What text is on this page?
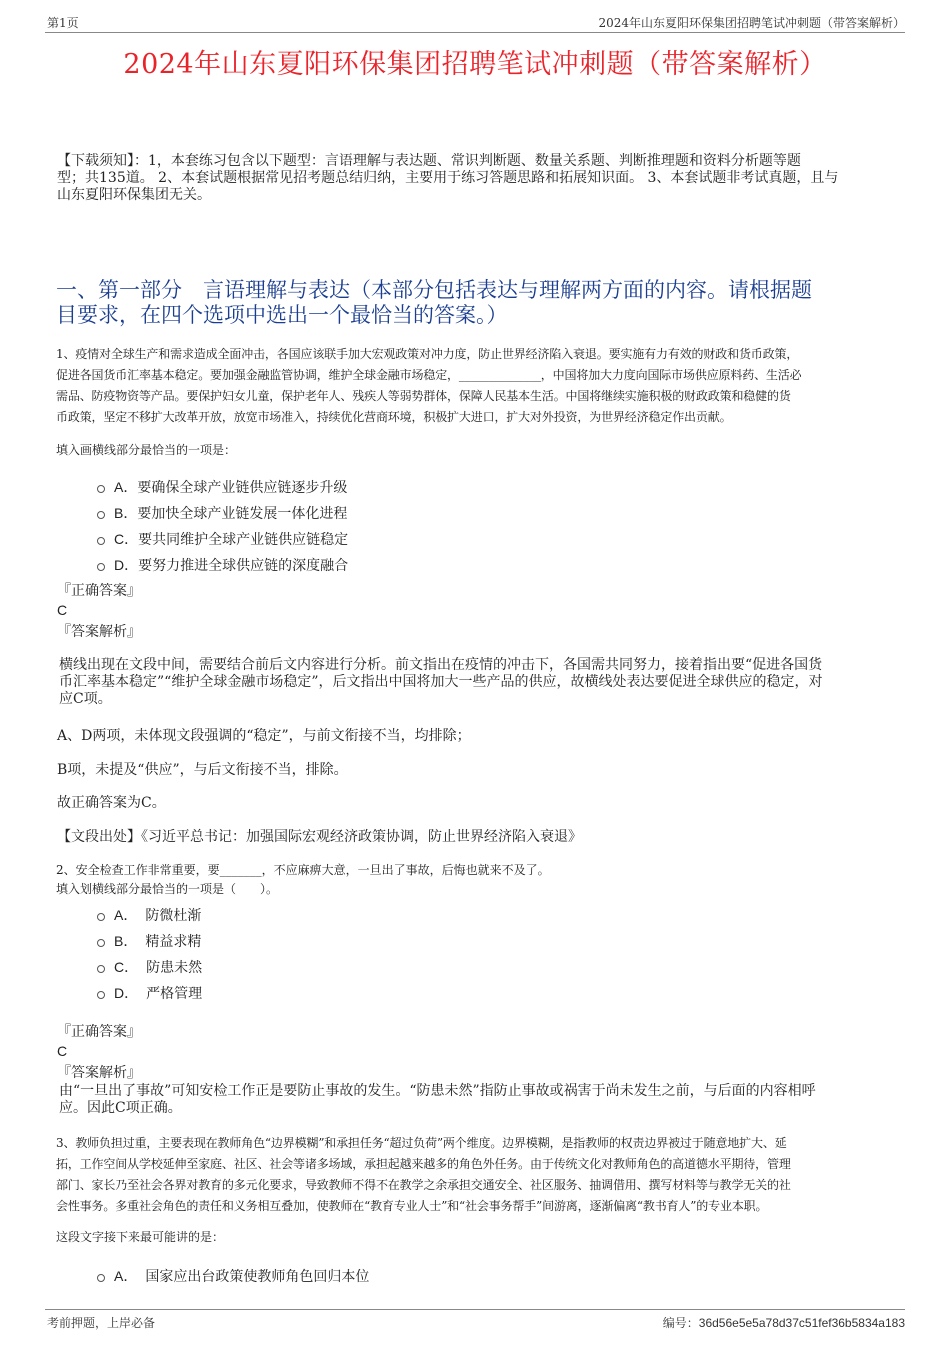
第1页	2024年山东夏阳环保集团招聘笔试冲刺题（带答案解析）
2024年山东夏阳环保集团招聘笔试冲刺题（带答案解析）
【下载须知】：1，本套练习包含以下题型：言语理解与表达题、常识判断题、数量关系题、判断推理题和资料分析题等题
型；共135道。 2、本套试题根据常见招考题总结归纳，主要用于练习答题思路和拓展知识面。 3、本套试题非考试真题，且与
山东夏阳环保集团无关。
一、第一部分　言语理解与表达（本部分包括表达与理解两方面的内容。请根据题
目要求，在四个选项中选出一个最恰当的答案。）
1、疫情对全球生产和需求造成全面冲击，各国应该联手加大宏观政策对冲力度，防止世界经济陷入衰退。要实施有力有效的财政和货币政策，
促进各国货币汇率基本稳定。要加强金融监管协调，维护全球金融市场稳定，______________，中国将加大力度向国际市场供应原料药、生活必
需品、防疫物资等产品。要保护妇女儿童，保护老年人、残疾人等弱势群体，保障人民基本生活。中国将继续实施积极的财政政策和稳健的货
币政策，坚定不移扩大改革开放，放宽市场准入，持续优化营商环境，积极扩大进口，扩大对外投资，为世界经济稳定作出贡献。
填入画横线部分最恰当的一项是：
A． 要确保全球产业链供应链逐步升级
B． 要加快全球产业链发展一体化进程
C． 要共同维护全球产业链供应链稳定
D． 要努力推进全球供应链的深度融合
『正确答案』
C
『答案解析』
横线出现在文段中间，需要结合前后文内容进行分析。前文指出在疫情的冲击下，各国需共同努力，接着指出要“促进各国货
币汇率基本稳定”“维护全球金融市场稳定”，后文指出中国将加大一些产品的供应，故横线处表达要促进全球供应的稳定，对
应C项。
A、D两项，未体现文段强调的“稳定”，与前文衔接不当，均排除；
B项，未提及“供应”，与后文衔接不当，排除。
故正确答案为C。
【文段出处】《习近平总书记：加强国际宏观经济政策协调，防止世界经济陷入衰退》
2、安全检查工作非常重要，要_______，不应麻痹大意，一旦出了事故，后悔也就来不及了。
填入划横线部分最恰当的一项是（　　）。
A． 防微杜渐
B． 精益求精
C． 防患未然
D． 严格管理
『正确答案』
C
『答案解析』
由“一旦出了事故”可知安检工作正是要防止事故的发生。“防患未然”指防止事故或祸害于尚未发生之前，与后面的内容相呼
应。因此C项正确。
3、教师负担过重，主要表现在教师角色“边界模糊”和承担任务“超过负荷”两个维度。边界模糊，是指教师的权责边界被过于随意地扩大、延
拓，工作空间从学校延伸至家庭、社区、社会等诸多场域，承担起越来越多的角色外任务。由于传统文化对教师角色的高道德水平期待，管理
部门、家长乃至社会各界对教育的多元化要求，导致教师不得不在教学之余承担交通安全、社区服务、抽调借用、撰写材料等与教学无关的社
会性事务。多重社会角色的责任和义务相互叠加，使教师在“教育专业人士”和“社会事务帮手”间游离，逐渐偏离“教书育人”的专业本职。
这段文字接下来最可能讲的是：
A． 国家应出台政策使教师角色回归本位
考前押题，上岸必备	编号：36d56e5e5a78d37c51fef36b5834a183
